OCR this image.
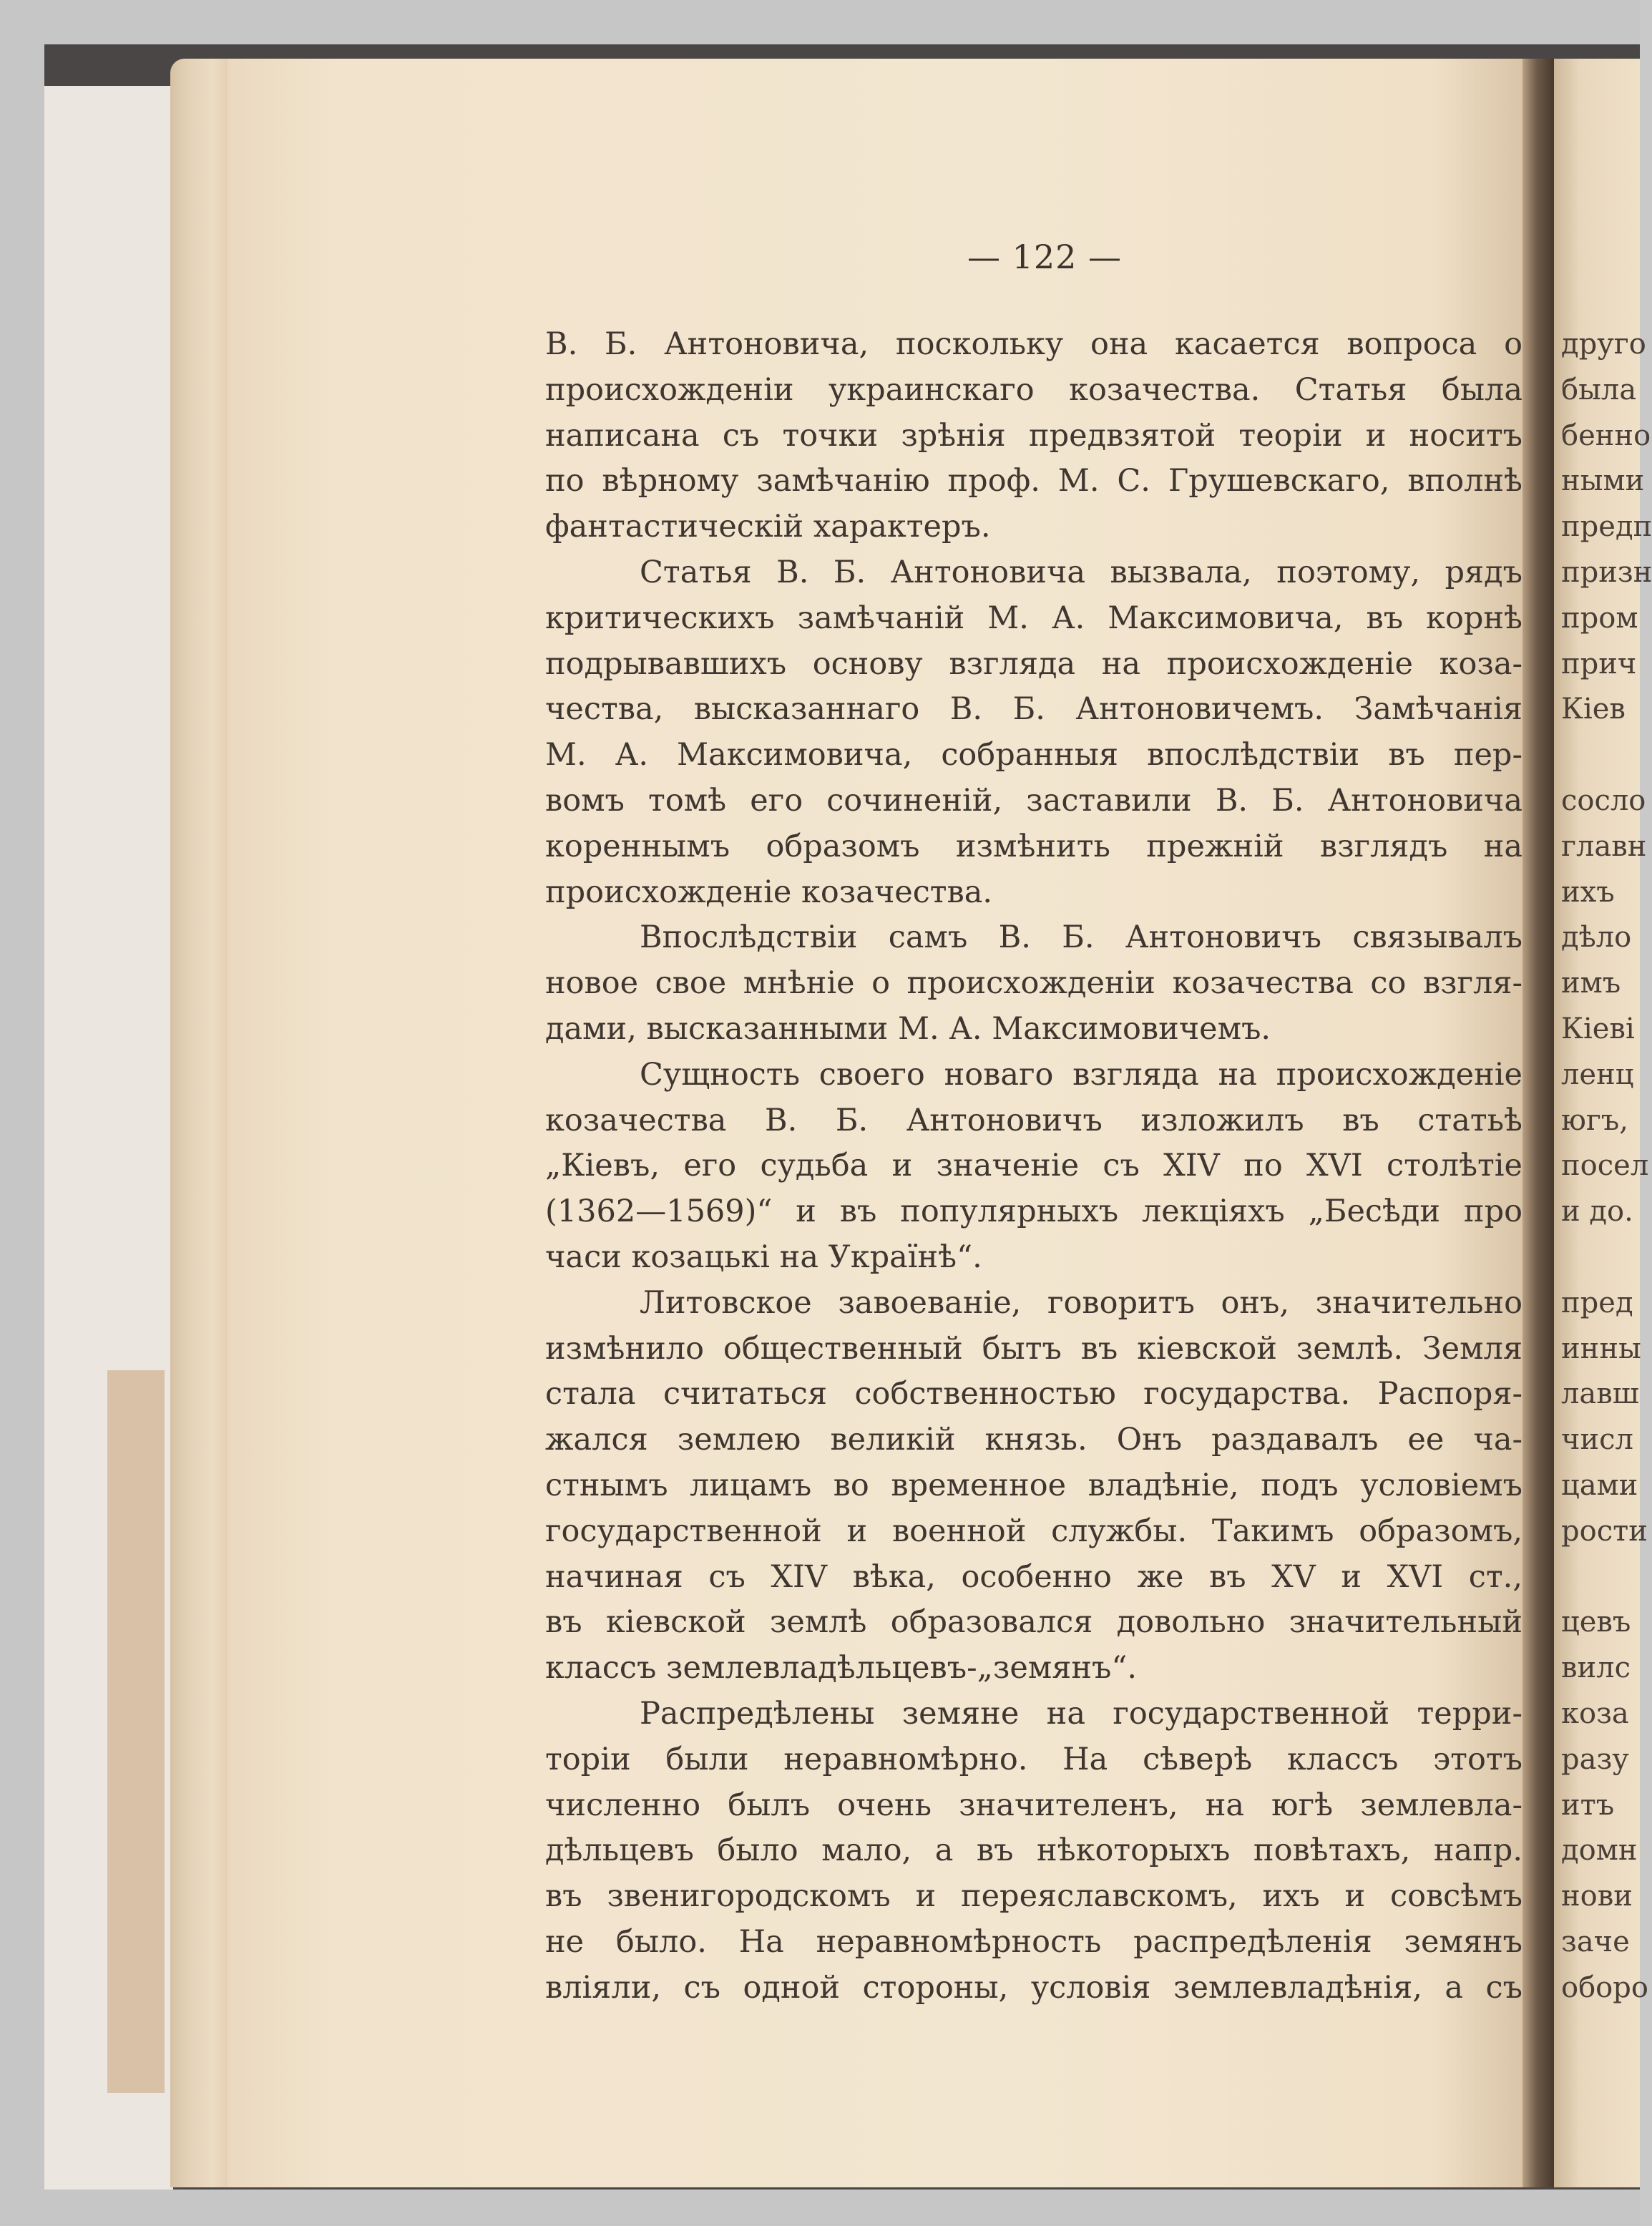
— 122 —
В. Б. Антоновича, поскольку она касается вопроса о
происхожденіи украинскаго козачества. Статья была
написана съ точки зрѣнія предвзятой теоріи и носитъ
по вѣрному замѣчанію проф. М. С. Грушевскаго, вполнѣ
фантастическій характеръ.
Статья В. Б. Антоновича вызвала, поэтому, рядъ
критическихъ замѣчаній М. А. Максимовича, въ корнѣ
подрывавшихъ основу взгляда на происхожденіе коза-
чества, высказаннаго В. Б. Антоновичемъ. Замѣчанія
М. А. Максимовича, собранныя впослѣдствіи въ пер-
вомъ томѣ его сочиненій, заставили В. Б. Антоновича
кореннымъ образомъ измѣнить прежній взглядъ на
происхожденіе козачества.
Впослѣдствіи самъ В. Б. Антоновичъ связывалъ
новое свое мнѣніе о происхожденіи козачества со взгля-
дами, высказанными М. А. Максимовичемъ.
Сущность своего новаго взгляда на происхожденіе
козачества В. Б. Антоновичъ изложилъ въ статьѣ
„Кіевъ, его судьба и значеніе съ XIV по XVI столѣтіе
(1362—1569)“ и въ популярныхъ лекціяхъ „Бесѣди про
часи козацькі на Українѣ“.
Литовское завоеваніе, говоритъ онъ, значительно
измѣнило общественный бытъ въ кіевской землѣ. Земля
стала считаться собственностью государства. Распоря-
жался землею великій князь. Онъ раздавалъ ее ча-
стнымъ лицамъ во временное владѣніе, подъ условіемъ
государственной и военной службы. Такимъ образомъ,
начиная съ XIV вѣка, особенно же въ XV и XVI ст.,
въ кіевской землѣ образовался довольно значительный
классъ землевладѣльцевъ-„земянъ“.
Распредѣлены земяне на государственной терри-
торіи были неравномѣрно. На сѣверѣ классъ этотъ
численно былъ очень значителенъ, на югѣ землевла-
дѣльцевъ было мало, а въ нѣкоторыхъ повѣтахъ, напр.
въ звенигородскомъ и переяславскомъ, ихъ и совсѣмъ
не было. На неравномѣрность распредѣленія земянъ
вліяли, съ одной стороны, условія землевладѣнія, а съ
друго
была
бенно
ными
предп
призн
пром
прич
Кіев
сосло
главн
ихъ
дѣло
имъ
Кіеві
ленц
югъ,
посел
и до.
пред
инны
лавш
числ
цами
рости
цевъ
вилс
коза
разу
итъ
домн
нови
заче
оборо
